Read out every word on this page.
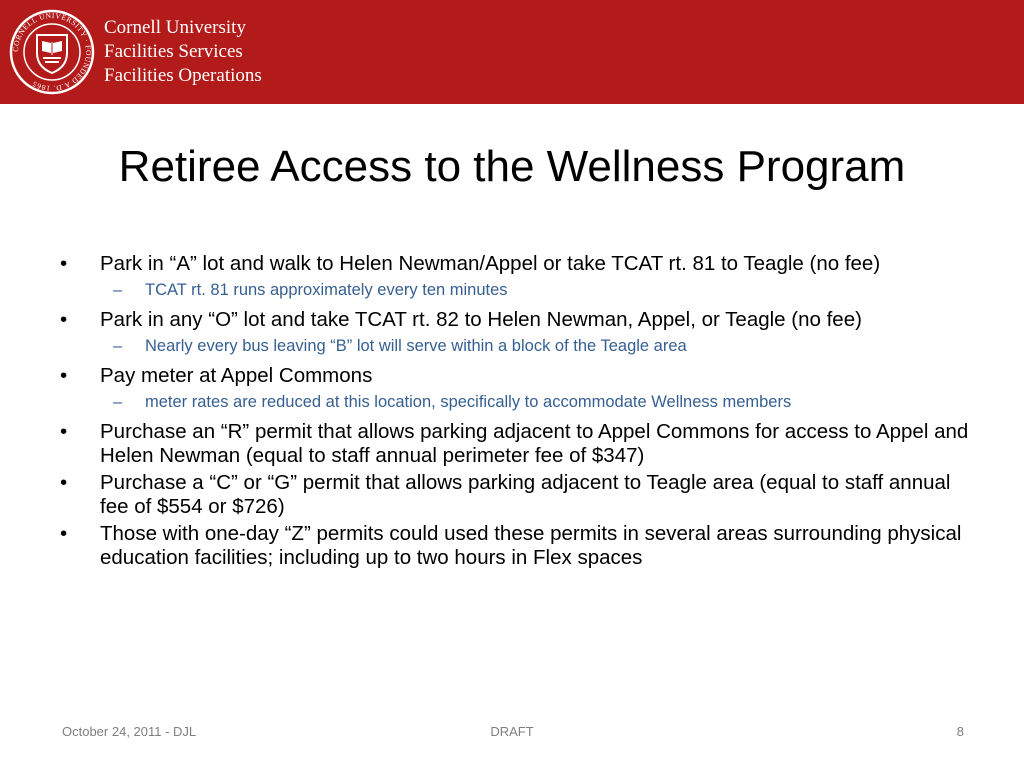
CORNELL UNIVERSITY · FOUNDED A.D. 1865
Cornell University
Facilities Services
Facilities Operations
Retiree Access to the Wellness Program
•	Park in “A” lot and walk to Helen Newman/Appel or take TCAT rt. 81 to Teagle (no fee)
– TCAT rt. 81 runs approximately every ten minutes
•	Park in any “O” lot and take TCAT rt. 82 to Helen Newman, Appel, or Teagle (no fee)
– Nearly every bus leaving “B” lot will serve within a block of the Teagle area
•	Pay meter at Appel Commons
– meter rates are reduced at this location, specifically to accommodate Wellness members
•	Purchase an “R” permit that allows parking adjacent to Appel Commons for access to Appel and Helen Newman (equal to staff annual perimeter fee of $347)
•	Purchase a “C” or “G” permit that allows parking adjacent to Teagle area (equal to staff annual fee of $554 or $726)
•	Those with one-day “Z” permits could used these permits in several areas surrounding physical education facilities; including up to two hours in Flex spaces
October 24, 2011 - DJL	DRAFT	8
